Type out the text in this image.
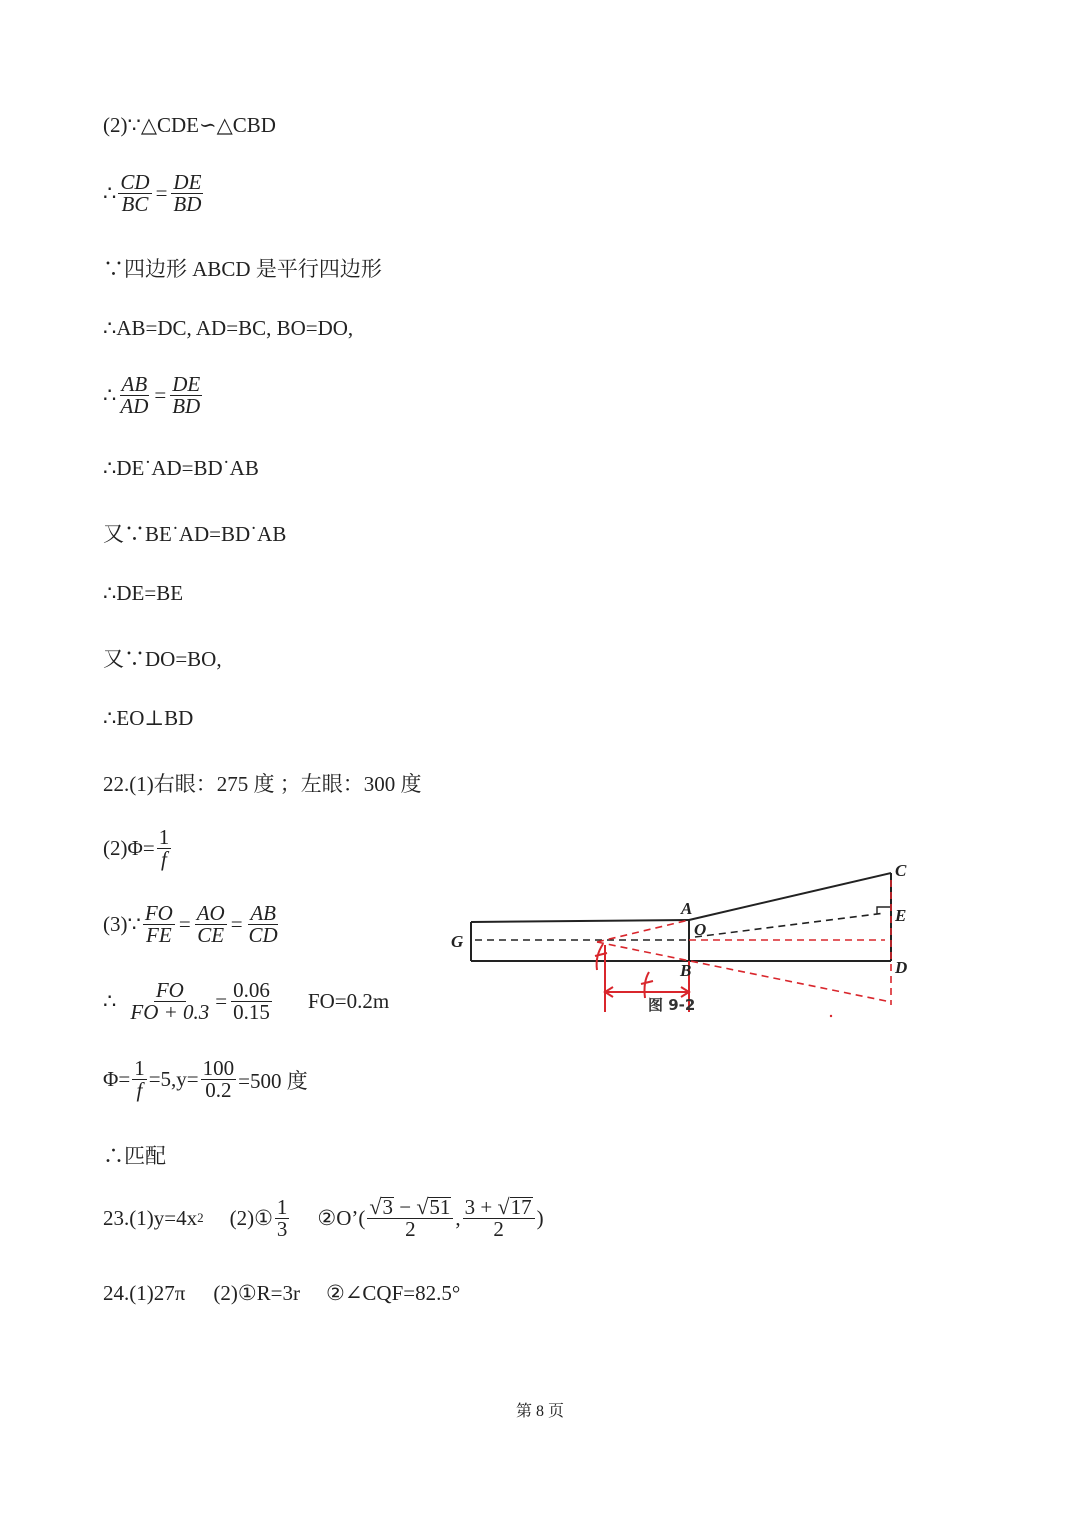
(2)∵△CDE∽△CBD
∴ $\frac{CD}{BC} = \frac{DE}{BD}$
∵四边形 ABCD 是平行四边形
∴AB=DC, AD=BC, BO=DO,
∴ $\frac{AB}{AD} = \frac{DE}{BD}$
∴DE˙AD=BD˙AB
又∵BE˙AD=BD˙AB
∴DE=BE
又∵DO=BO,
∴EO⊥BD
22.(1)右眼：275 度 ；左眼：300 度
$(2)\Phi= \frac{1}{f}$
(3)∵ $\frac{FO}{FE} = \frac{AO}{CE} = \frac{AB}{CD}$
∴ $\frac{FO}{FO + 0.3} = \frac{0.06}{0.15} FO=0.2m$
$\Phi= \frac{1}{f} =5,y= \frac{100}{0.2} =500$ 度
∴匹配
23.(1)y=4x 2 (2)① $\frac{1}{3}$ ②O’( $\frac{√ 3 - √ 51}{2}$ , $\frac{3 + √ 17}{2}$ )
24.(1)27π (2)①R=3r ②∠CQF=82.5°
A
O
B
C
E
D
G
图 9-2
第 8 页
